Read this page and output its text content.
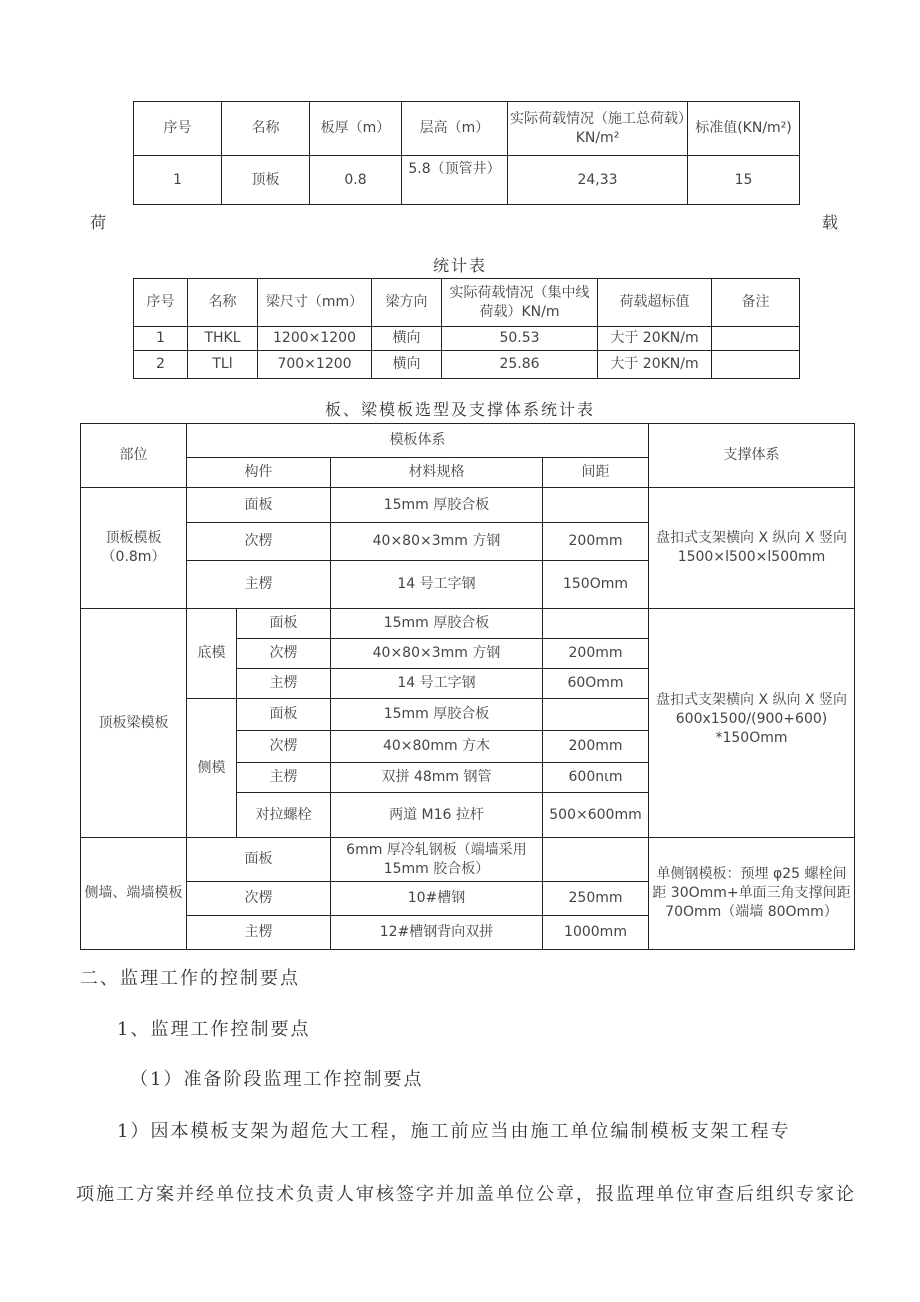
序号	名称	板厚（m）	层高（m）	实际荷载情况（施工总荷载）KN/m²	标准值(KN/m²)
1	顶板	0.8	5.8（顶管井）	24,33	15
荷	载
统计表
序号	名称	梁尺寸（mm）	梁方向	实际荷载情况（集中线荷载）KN/m	荷载超标值	备注
1	THKL	1200×1200	横向	50.53	大于 20KN/m	
2	TLl	700×1200	横向	25.86	大于 20KN/m	
板、梁模板选型及支撑体系统计表
部位	模板体系				支撑体系
	构件		材料规格	间距	
顶板模板（0.8m）	面板		15mm 厚胶合板		盘扣式支架横向 X 纵向 X 竖向 1500×l500×l500mm
	次楞		40×80×3mm 方钢	200mm	
	主楞		14 号工字钢	150Omm	
顶板梁模板	底模	面板	15mm 厚胶合板		盘扣式支架横向 X 纵向 X 竖向 600x1500/(900+600) *150Omm
		次楞	40×80×3mm 方钢	200mm	
		主楞	14 号工字钢	60Omm	
	侧模	面板	15mm 厚胶合板		
		次楞	40×80mm 方木	200mm	
		主楞	双拼 48mm 钢管	600nιm	
		对拉螺栓	两道 M16 拉杆	500×600mm	
侧墙、端墙模板	面板		6mm 厚冷轧钢板（端墙采用 15mm 胶合板）		单侧钢模板：预埋 φ25 螺栓间距 30Omm+单面三角支撑间距 70Omm（端墙 80Omm）
	次楞		10#槽钢	250mm	
	主楞		12#槽钢背向双拼	1000mm	
二、监理工作的控制要点
1、监理工作控制要点
（1）准备阶段监理工作控制要点
1）因本模板支架为超危大工程，施工前应当由施工单位编制模板支架工程专
项施工方案并经单位技术负责人审核签字并加盖单位公章，报监理单位审查后组织专家论
